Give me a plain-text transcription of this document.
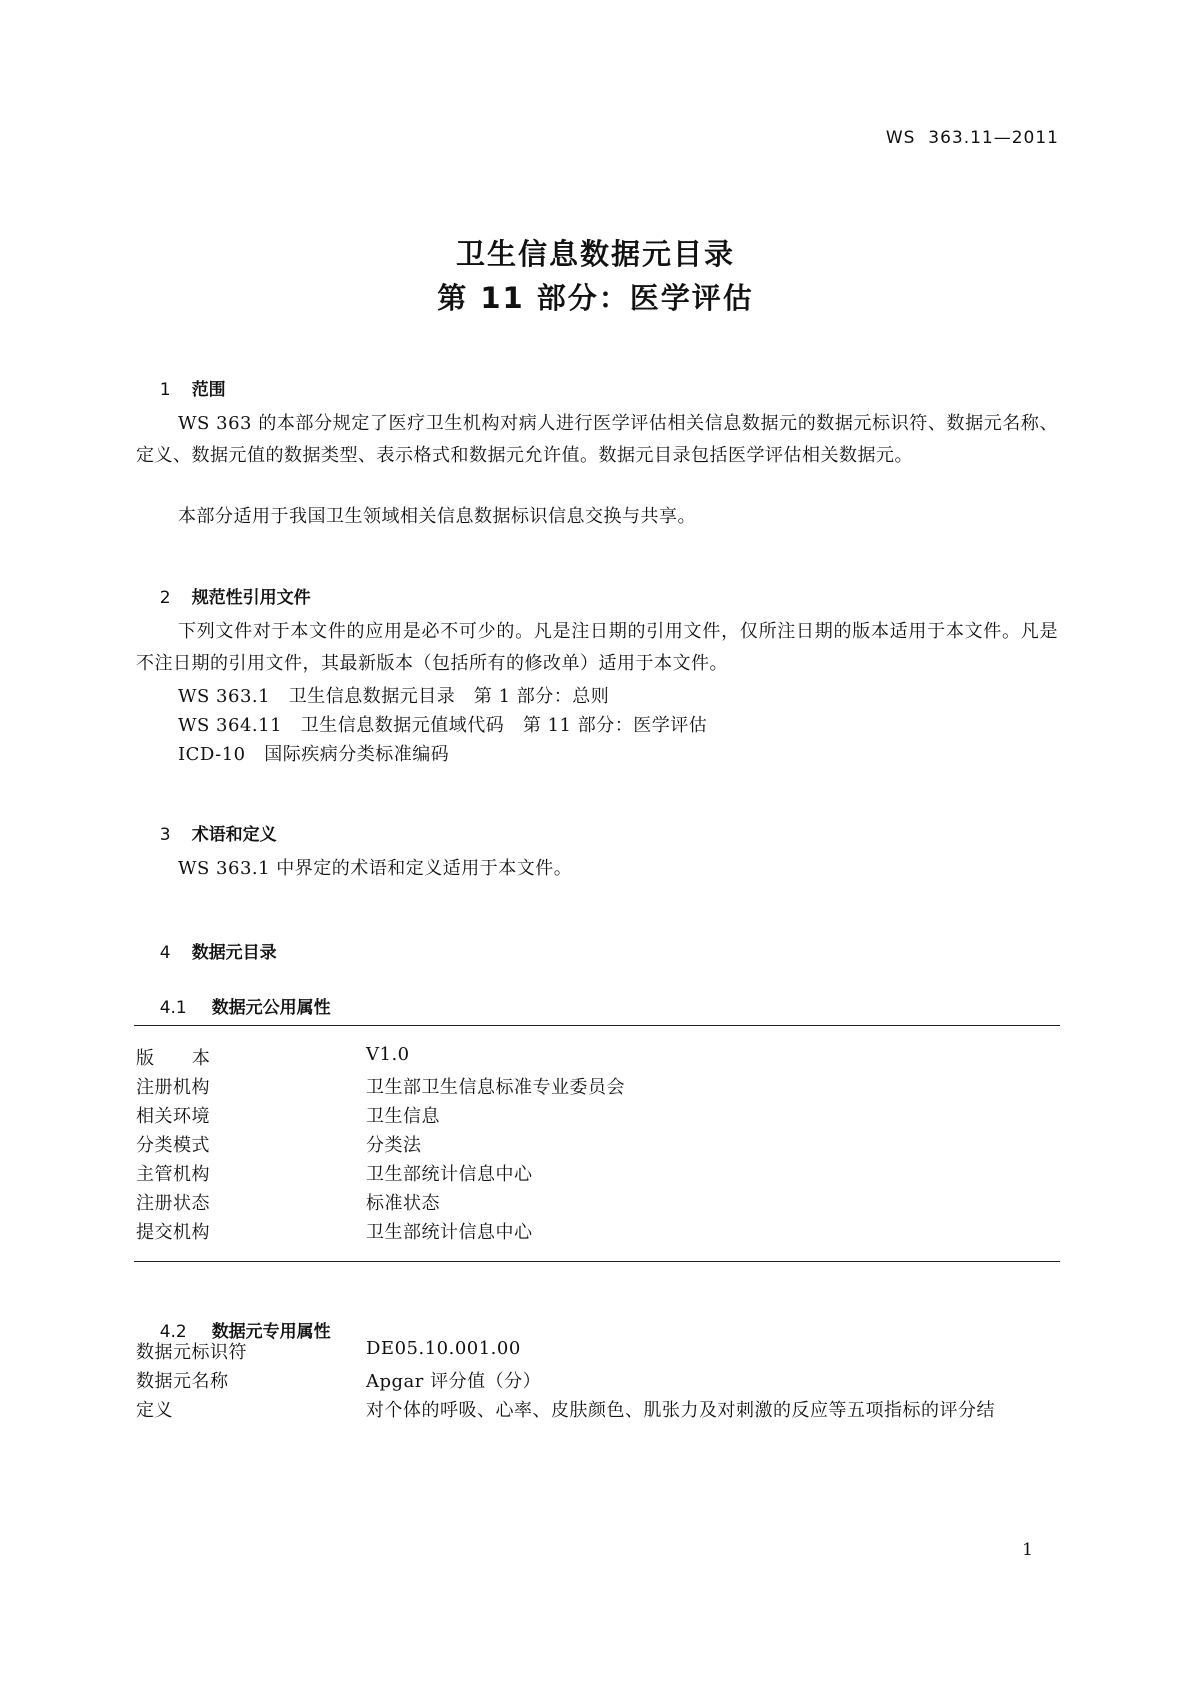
WS  363.11—2011
卫生信息数据元目录
第 11 部分：医学评估

1 范围

WS 363 的本部分规定了医疗卫生机构对病人进行医学评估相关信息数据元的数据元标识符、数据元名称、定义、数据元值的数据类型、表示格式和数据元允许值。数据元目录包括医学评估相关数据元。
本部分适用于我国卫生领域相关信息数据标识信息交换与共享。

2 规范性引用文件

下列文件对于本文件的应用是必不可少的。凡是注日期的引用文件，仅所注日期的版本适用于本文件。凡是不注日期的引用文件，其最新版本（包括所有的修改单）适用于本文件。
WS 363.1   卫生信息数据元目录   第 1 部分：总则
WS 364.11   卫生信息数据元值域代码   第 11 部分：医学评估
ICD-10   国际疾病分类标准编码

3 术语和定义

WS 363.1 中界定的术语和定义适用于本文件。

4 数据元目录

4.1 数据元公用属性

版      本	V1.0
注册机构	卫生部卫生信息标准专业委员会
相关环境	卫生信息
分类模式	分类法
主管机构	卫生部统计信息中心
注册状态	标准状态
提交机构	卫生部统计信息中心

4.2 数据元专用属性

数据元标识符	DE05.10.001.00
数据元名称	Apgar 评分值（分）
定义	对个体的呼吸、心率、皮肤颜色、肌张力及对刺激的反应等五项指标的评分结
1
